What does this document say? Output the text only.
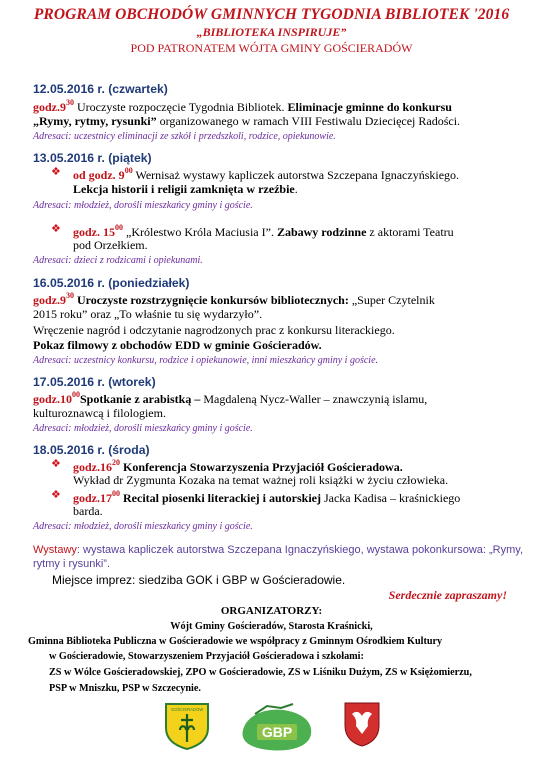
PROGRAM OBCHODÓW GMINNYCH TYGODNIA BIBLIOTEK '2016
„BIBLIOTEKA INSPIRUJE”
POD PATRONATEM WÓJTA GMINY GOŚCIERADÓW
12.05.2016 r. (czwartek)
$godz.9^{30}$ Uroczyste rozpoczęcie Tygodnia Bibliotek. Eliminacje gminne do konkursu
„Rymy, rytmy, rysunki” organizowanego w ramach VIII Festiwalu Dziecięcej Radości.
Adresaci: uczestnicy eliminacji ze szkół i przedszkoli, rodzice, opiekunowie.
13.05.2016 r. (piątek)
❖ od godz. $9^{00}$ Wernisaż wystawy kapliczek autorstwa Szczepana Ignaczyńskiego.
Lekcja historii i religii zamknięta w rzeźbie.
Adresaci: młodzież, dorośli mieszkańcy gminy i goście.
❖ godz. $15^{00}$ „Królestwo Króla Maciusia I”. Zabawy rodzinne z aktorami Teatru
pod Orzełkiem.
Adresaci: dzieci z rodzicami i opiekunami.
16.05.2016 r. (poniedziałek)
$godz.9^{30}$ Uroczyste rozstrzygnięcie konkursów bibliotecznych: „Super Czytelnik
2015 roku” oraz „To właśnie tu się wydarzyło”.
Wręczenie nagród i odczytanie nagrodzonych prac z konkursu literackiego.
Pokaz filmowy z obchodów EDD w gminie Gościeradów.
Adresaci: uczestnicy konkursu, rodzice i opiekunowie, inni mieszkańcy gminy i goście.
17.05.2016 r. (wtorek)
$godz.10^{00}Spotkanie$ z arabistką – Magdaleną Nycz-Waller – znawczynią islamu,
kulturoznawcą i filologiem.
Adresaci: młodzież, dorośli mieszkańcy gminy i goście.
18.05.2016 r. (środa)
❖ $godz.16^{20}$ Konferencja Stowarzyszenia Przyjaciół Gościeradowa.
Wykład dr Zygmunta Kozaka na temat ważnej roli książki w życiu człowieka.
❖ $godz.17^{00}$ Recital piosenki literackiej i autorskiej Jacka Kadisa – kraśnickiego
barda.
Adresaci: młodzież, dorośli mieszkańcy gminy i goście.
Wystawy: wystawa kapliczek autorstwa Szczepana Ignaczyńskiego, wystawa pokonkursowa: „Rymy,
rytmy i rysunki”.
Miejsce imprez: siedziba GOK i GBP w Gościeradowie.
Serdecznie zapraszamy!
ORGANIZATORZY:
Wójt Gminy Gościeradów, Starosta Kraśnicki,
Gminna Biblioteka Publiczna w Gościeradowie we współpracy z Gminnym Ośrodkiem Kultury
w Gościeradowie, Stowarzyszeniem Przyjaciół Gościeradowa i szkołami:
ZS w Wólce Gościeradowskiej, ZPO w Gościeradowie, ZS w Liśniku Dużym, ZS w Księżomierzu,
PSP w Mniszku, PSP w Szczecynie.
GOŚCIERADÓW
GBP
